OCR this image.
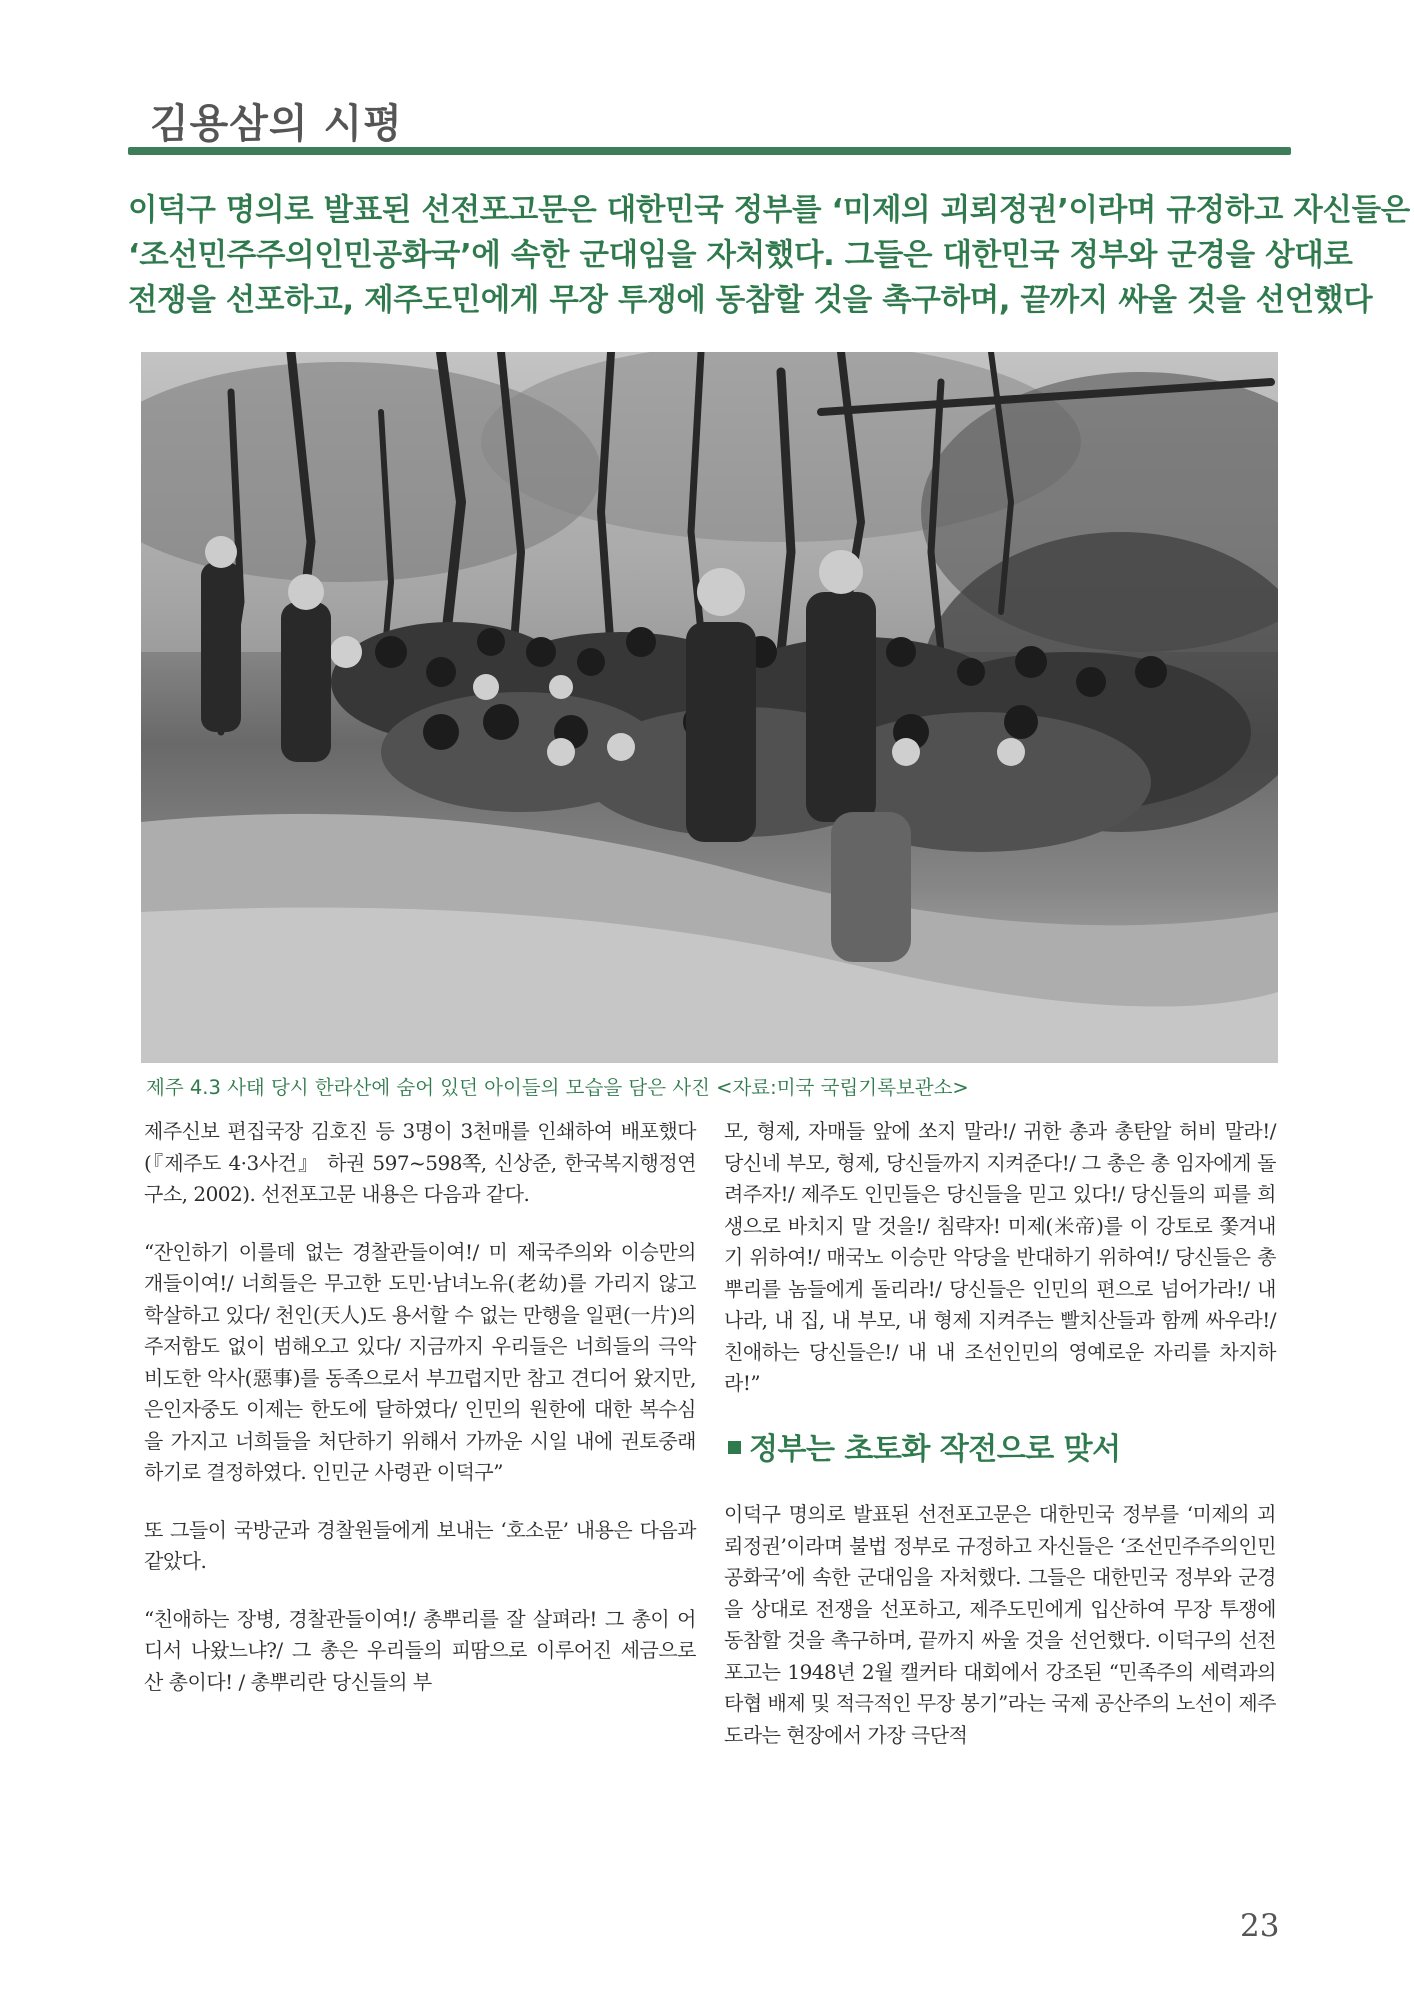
김용삼의 시평
이덕구 명의로 발표된 선전포고문은 대한민국 정부를 ‘미제의 괴뢰정권’이라며 규정하고 자신들은
‘조선민주주의인민공화국’에 속한 군대임을 자처했다. 그들은 대한민국 정부와 군경을 상대로
전쟁을 선포하고, 제주도민에게 무장 투쟁에 동참할 것을 촉구하며, 끝까지 싸울 것을 선언했다
제주 4.3 사태 당시 한라산에 숨어 있던 아이들의 모습을 담은 사진 <자료:미국 국립기록보관소>

제주신보 편집국장 김호진 등 3명이 3천매를 인쇄하여 배포했다(『제주도 4·3사건』 하권 597~598쪽, 신상준, 한국복지행정연구소, 2002). 선전포고문 내용은 다음과 같다.

“잔인하기 이를데 없는 경찰관들이여!/ 미 제국주의와 이승만의 개들이여!/ 너희들은 무고한 도민·남녀노유(老幼)를 가리지 않고 학살하고 있다/ 천인(天人)도 용서할 수 없는 만행을 일편(一片)의 주저함도 없이 범해오고 있다/ 지금까지 우리들은 너희들의 극악비도한 악사(惡事)를 동족으로서 부끄럽지만 참고 견디어 왔지만, 은인자중도 이제는 한도에 달하였다/ 인민의 원한에 대한 복수심을 가지고 너희들을 처단하기 위해서 가까운 시일 내에 권토중래하기로 결정하였다. 인민군 사령관 이덕구”

또 그들이 국방군과 경찰원들에게 보내는 ‘호소문’ 내용은 다음과 같았다.

“친애하는 장병, 경찰관들이여!/ 총뿌리를 잘 살펴라! 그 총이 어디서 나왔느냐?/ 그 총은 우리들의 피땀으로 이루어진 세금으로 산 총이다! / 총뿌리란 당신들의 부

모, 형제, 자매들 앞에 쏘지 말라!/ 귀한 총과 총탄알 허비 말라!/ 당신네 부모, 형제, 당신들까지 지켜준다!/ 그 총은 총 임자에게 돌려주자!/ 제주도 인민들은 당신들을 믿고 있다!/ 당신들의 피를 희생으로 바치지 말 것을!/ 침략자! 미제(米帝)를 이 강토로 쫓겨내기 위하여!/ 매국노 이승만 악당을 반대하기 위하여!/ 당신들은 총뿌리를 놈들에게 돌리라!/ 당신들은 인민의 편으로 넘어가라!/ 내 나라, 내 집, 내 부모, 내 형제 지켜주는 빨치산들과 함께 싸우라!/ 친애하는 당신들은!/ 내 내 조선인민의 영예로운 자리를 차지하라!”

정부는 초토화 작전으로 맞서

이덕구 명의로 발표된 선전포고문은 대한민국 정부를 ‘미제의 괴뢰정권’이라며 불법 정부로 규정하고 자신들은 ‘조선민주주의인민공화국’에 속한 군대임을 자처했다. 그들은 대한민국 정부와 군경을 상대로 전쟁을 선포하고, 제주도민에게 입산하여 무장 투쟁에 동참할 것을 촉구하며, 끝까지 싸울 것을 선언했다. 이덕구의 선전포고는 1948년 2월 캘커타 대회에서 강조된 “민족주의 세력과의 타협 배제 및 적극적인 무장 봉기”라는 국제 공산주의 노선이 제주도라는 현장에서 가장 극단적

23
